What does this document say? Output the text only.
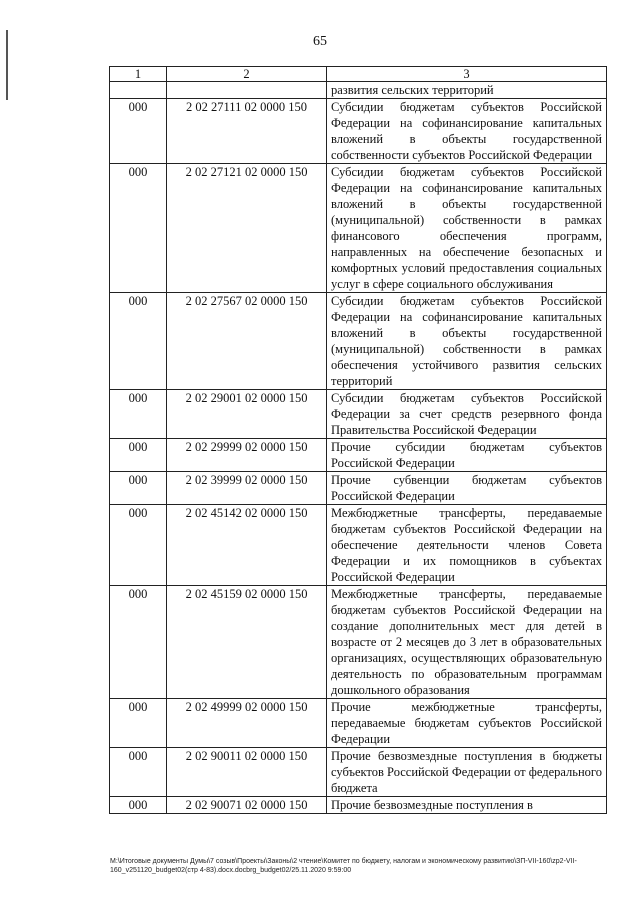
65
1	2	3
		развития сельских территорий
000	2 02 27111 02 0000 150	Субсидии бюджетам субъектов Российской Федерации на софинансирование капитальных вложений в объекты государственной собственности субъектов Российской Федерации
000	2 02 27121 02 0000 150	Субсидии бюджетам субъектов Российской Федерации на софинансирование капитальных вложений в объекты государственной (муниципальной) собственности в рамках финансового обеспечения программ, направленных на обеспечение безопасных и комфортных условий предоставления социальных услуг в сфере социального обслуживания
000	2 02 27567 02 0000 150	Субсидии бюджетам субъектов Российской Федерации на софинансирование капитальных вложений в объекты государственной (муниципальной) собственности в рамках обеспечения устойчивого развития сельских территорий
000	2 02 29001 02 0000 150	Субсидии бюджетам субъектов Российской Федерации за счет средств резервного фонда Правительства Российской Федерации
000	2 02 29999 02 0000 150	Прочие субсидии бюджетам субъектов Российской Федерации
000	2 02 39999 02 0000 150	Прочие субвенции бюджетам субъектов Российской Федерации
000	2 02 45142 02 0000 150	Межбюджетные трансферты, передаваемые бюджетам субъектов Российской Федерации на обеспечение деятельности членов Совета Федерации и их помощников в субъектах Российской Федерации
000	2 02 45159 02 0000 150	Межбюджетные трансферты, передаваемые бюджетам субъектов Российской Федерации на создание дополнительных мест для детей в возрасте от 2 месяцев до 3 лет в образовательных организациях, осуществляющих образовательную деятельность по образовательным программам дошкольного образования
000	2 02 49999 02 0000 150	Прочие межбюджетные трансферты, передаваемые бюджетам субъектов Российской Федерации
000	2 02 90011 02 0000 150	Прочие безвозмездные поступления в бюджеты субъектов Российской Федерации от федерального бюджета
000	2 02 90071 02 0000 150	Прочие безвозмездные поступления в
M:\Итоговые документы Думы\7 созыв\Проекты\Законы\2 чтение\Комитет по бюджету, налогам и экономическому развитию\ЗП-VII-160\zp2-VII-160_v251120_budget02(стр 4-83).docx.docbrg_budget02/25.11.2020 9:59:00
